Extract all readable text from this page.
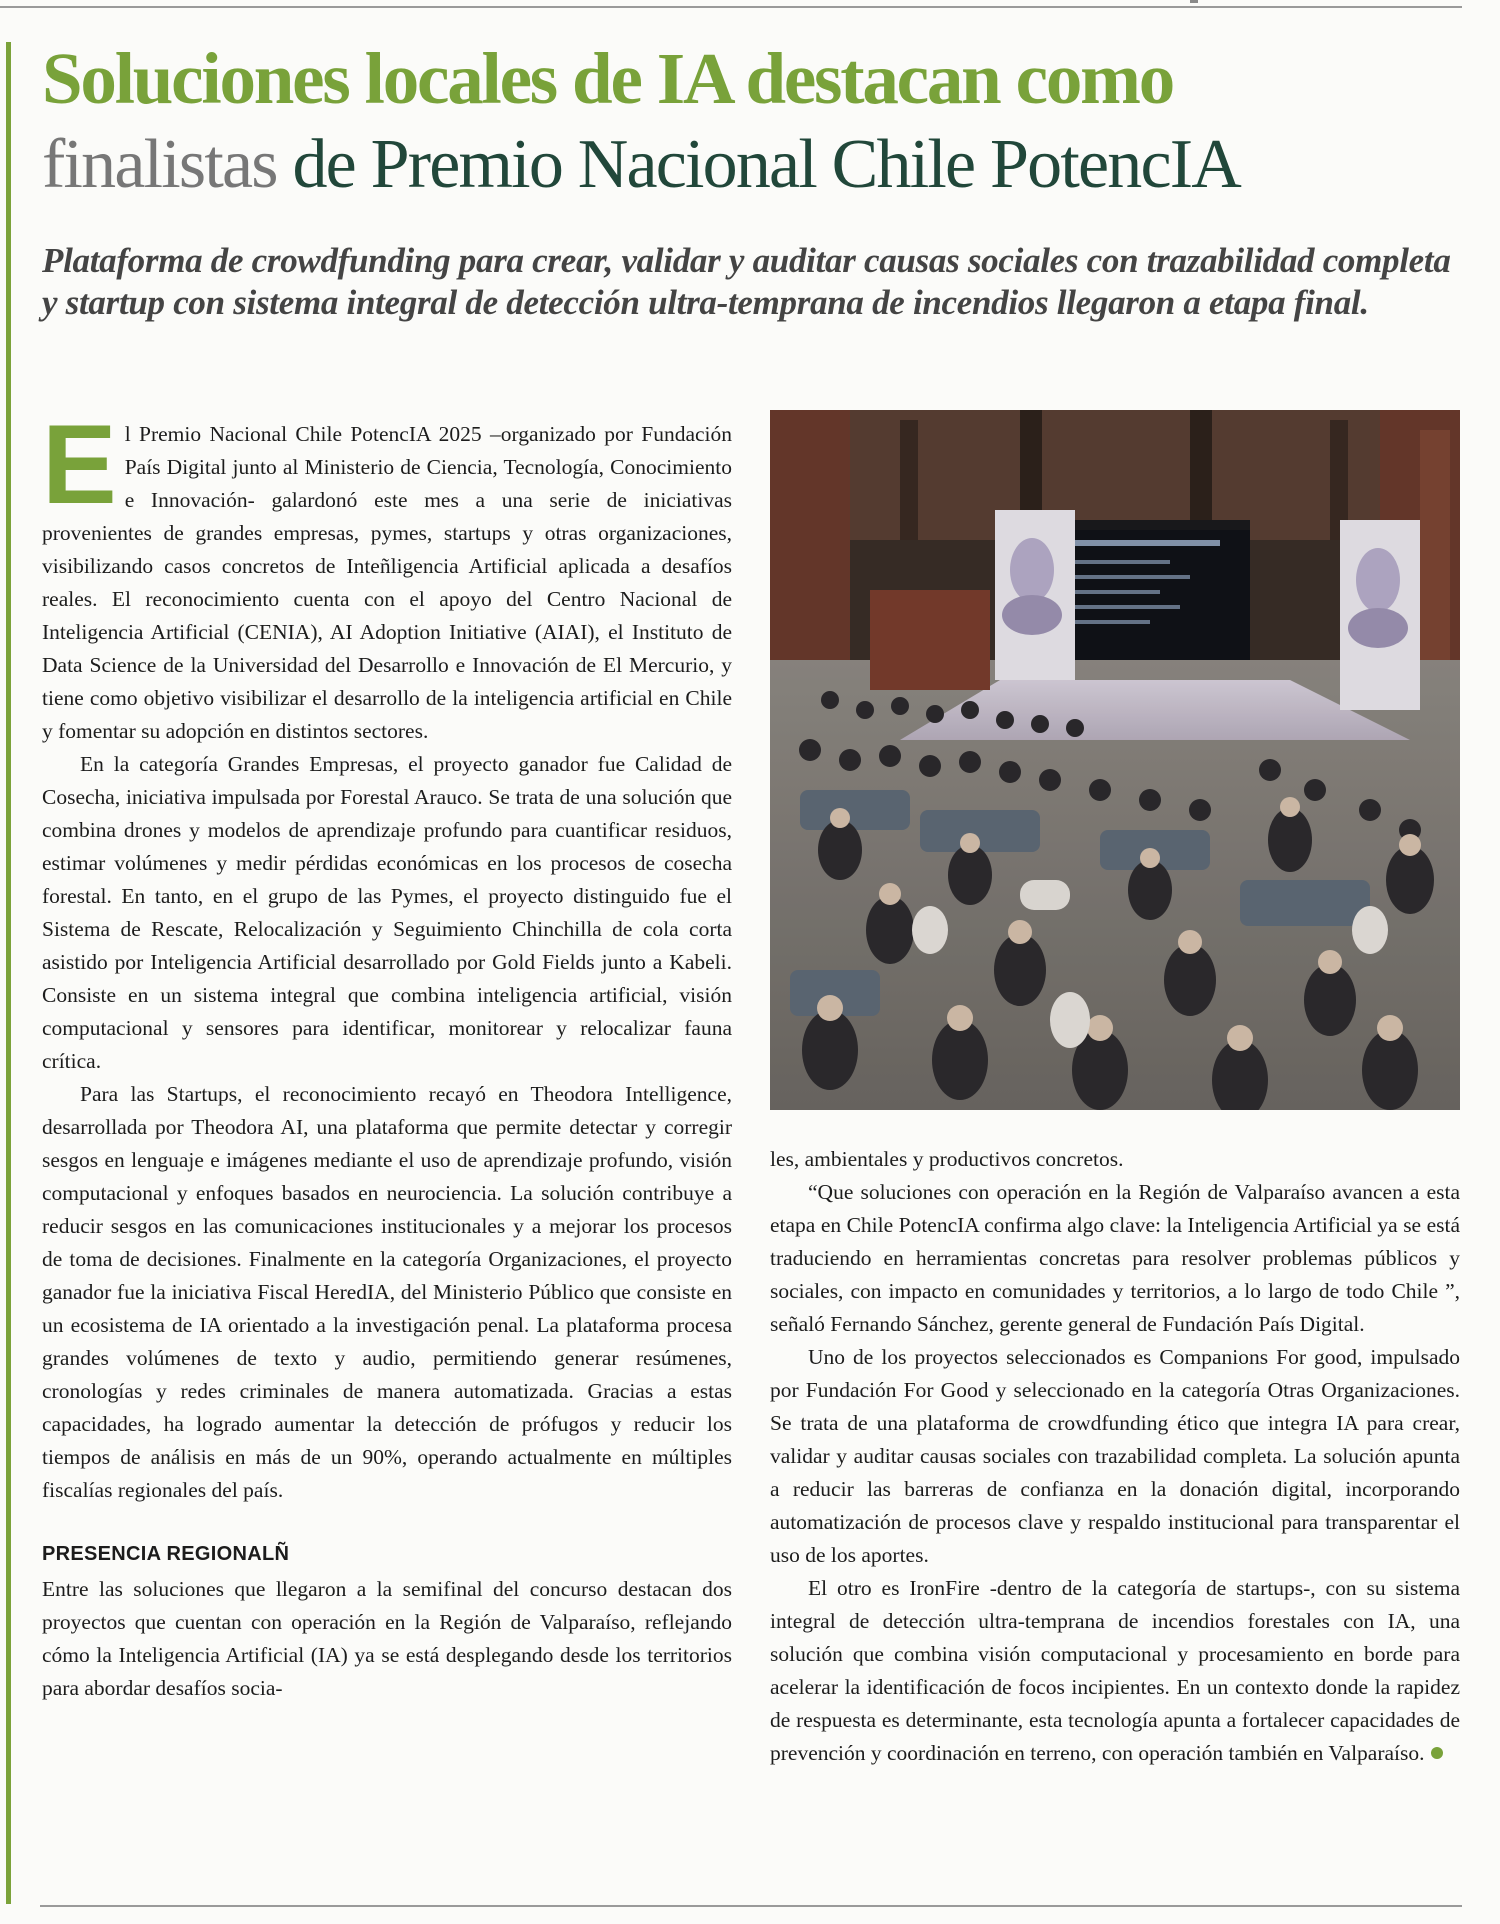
Soluciones locales de IA destacan como
finalistas de Premio Nacional Chile PotencIA

Plataforma de crowdfunding para crear, validar y auditar causas sociales con trazabilidad completa y startup con sistema integral de detección ultra-temprana de incendios llegaron a etapa final.

El Premio Nacional Chile PotencIA 2025 –organizado por Fundación País Digital junto al Ministerio de Ciencia, Tecnología, Conocimiento e Innovación- galardonó este mes a una serie de iniciativas provenientes de grandes empresas, pymes, startups y otras organizaciones, visibilizando casos concretos de Inteñligencia Artificial aplicada a desafíos reales. El reconocimiento cuenta con el apoyo del Centro Nacional de Inteligencia Artificial (CENIA), AI Adoption Initiative (AIAI), el Instituto de Data Science de la Universidad del Desarrollo e Innovación de El Mercurio, y tiene como objetivo visibilizar el desarrollo de la inteligencia artificial en Chile y fomentar su adopción en distintos sectores.

En la categoría Grandes Empresas, el proyecto ganador fue Calidad de Cosecha, iniciativa impulsada por Forestal Arauco. Se trata de una solución que combina drones y modelos de aprendizaje profundo para cuantificar residuos, estimar volúmenes y medir pérdidas económicas en los procesos de cosecha forestal. En tanto, en el grupo de las Pymes, el proyecto distinguido fue el Sistema de Rescate, Relocalización y Seguimiento Chinchilla de cola corta asistido por Inteligencia Artificial desarrollado por Gold Fields junto a Kabeli. Consiste en un sistema integral que combina inteligencia artificial, visión computacional y sensores para identificar, monitorear y relocalizar fauna crítica.

Para las Startups, el reconocimiento recayó en Theodora Intelligence, desarrollada por Theodora AI, una plataforma que permite detectar y corregir sesgos en lenguaje e imágenes mediante el uso de aprendizaje profundo, visión computacional y enfoques basados en neurociencia. La solución contribuye a reducir sesgos en las comunicaciones institucionales y a mejorar los procesos de toma de decisiones. Finalmente en la categoría Organizaciones, el proyecto ganador fue la iniciativa Fiscal HeredIA, del Ministerio Público que consiste en un ecosistema de IA orientado a la investigación penal. La plataforma procesa grandes volúmenes de texto y audio, permitiendo generar resúmenes, cronologías y redes criminales de manera automatizada. Gracias a estas capacidades, ha logrado aumentar la detección de prófugos y reducir los tiempos de análisis en más de un 90%, operando actualmente en múltiples fiscalías regionales del país.

PRESENCIA REGIONALÑ

Entre las soluciones que llegaron a la semifinal del concurso destacan dos proyectos que cuentan con operación en la Región de Valparaíso, reflejando cómo la Inteligencia Artificial (IA) ya se está desplegando desde los territorios para abordar desafíos socia-

les, ambientales y productivos concretos.

“Que soluciones con operación en la Región de Valparaíso avancen a esta etapa en Chile PotencIA confirma algo clave: la Inteligencia Artificial ya se está traduciendo en herramientas concretas para resolver problemas públicos y sociales, con impacto en comunidades y territorios, a lo largo de todo Chile ”, señaló Fernando Sánchez, gerente general de Fundación País Digital.

Uno de los proyectos seleccionados es Companions For good, impulsado por Fundación For Good y seleccionado en la categoría Otras Organizaciones. Se trata de una plataforma de crowdfunding ético que integra IA para crear, validar y auditar causas sociales con trazabilidad completa. La solución apunta a reducir las barreras de confianza en la donación digital, incorporando automatización de procesos clave y respaldo institucional para transparentar el uso de los aportes.

El otro es IronFire -dentro de la categoría de startups-, con su sistema integral de detección ultra-temprana de incendios forestales con IA, una solución que combina visión computacional y procesamiento en borde para acelerar la identificación de focos incipientes. En un contexto donde la rapidez de respuesta es determinante, esta tecnología apunta a fortalecer capacidades de prevención y coordinación en terreno, con operación también en Valparaíso.
